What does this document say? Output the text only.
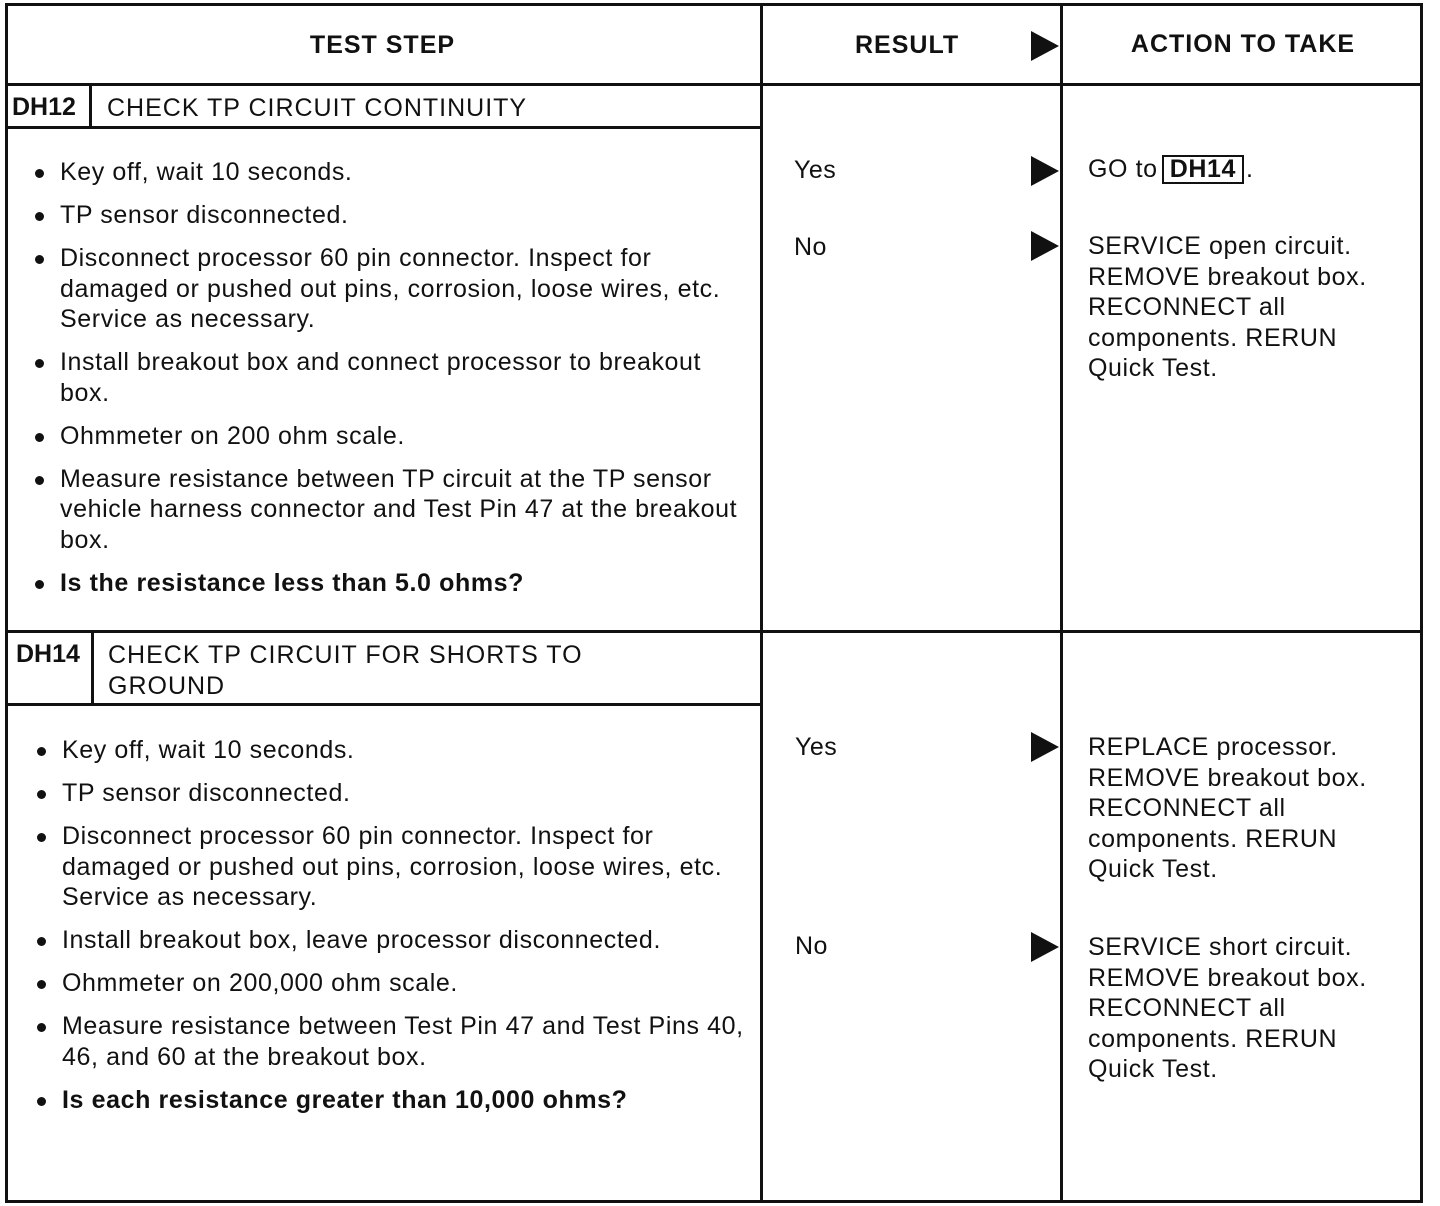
TEST STEP	RESULT	ACTION TO TAKE
DH12	CHECK TP CIRCUIT CONTINUITY
Key off, wait 10 seconds.
TP sensor disconnected.
Disconnect processor 60 pin connector. Inspect for damaged or pushed out pins, corrosion, loose wires, etc. Service as necessary.
Install breakout box and connect processor to breakout box.
Ohmmeter on 200 ohm scale.
Measure resistance between TP circuit at the TP sensor vehicle harness connector and Test Pin 47 at the breakout box.
Is the resistance less than 5.0 ohms?
Yes	GO to DH14 .
No	SERVICE open circuit. REMOVE breakout box. RECONNECT all components. RERUN Quick Test.
DH14	CHECK TP CIRCUIT FOR SHORTS TO GROUND
Key off, wait 10 seconds.
TP sensor disconnected.
Disconnect processor 60 pin connector. Inspect for damaged or pushed out pins, corrosion, loose wires, etc. Service as necessary.
Install breakout box, leave processor disconnected.
Ohmmeter on 200,000 ohm scale.
Measure resistance between Test Pin 47 and Test Pins 40, 46, and 60 at the breakout box.
Is each resistance greater than 10,000 ohms?
Yes	REPLACE processor. REMOVE breakout box. RECONNECT all components. RERUN Quick Test.
No	SERVICE short circuit. REMOVE breakout box. RECONNECT all components. RERUN Quick Test.
